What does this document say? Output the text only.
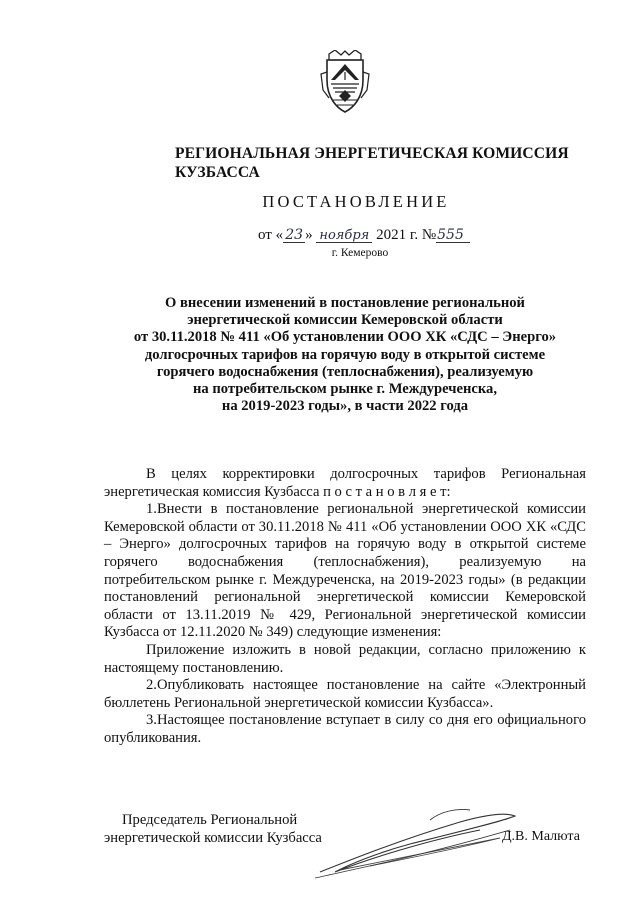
РЕГИОНАЛЬНАЯ ЭНЕРГЕТИЧЕСКАЯ КОМИССИЯ
КУЗБАССА
ПОСТАНОВЛЕНИЕ
от « 23 » ноября 2021 г. №555
г. Кемерово
О внесении изменений в постановление региональной
энергетической комиссии Кемеровской области
от 30.11.2018 № 411 «Об установлении ООО ХК «СДС – Энерго»
долгосрочных тарифов на горячую воду в открытой системе
горячего водоснабжения (теплоснабжения), реализуемую
на потребительском рынке г. Междуреченска,
на 2019-2023 годы», в части 2022 года

В целях корректировки долгосрочных тарифов Региональная энергетическая комиссия Кузбасса п о с т а н о в л я е т:

1.Внести в постановление региональной энергетической комиссии Кемеровской области от 30.11.2018 № 411 «Об установлении ООО ХК «СДС – Энерго» долгосрочных тарифов на горячую воду в открытой системе горячего водоснабжения (теплоснабжения), реализуемую на потребительском рынке г. Междуреченска, на 2019-2023 годы» (в редакции постановлений региональной энергетической комиссии Кемеровской области от 13.11.2019 № 429, Региональной энергетической комиссии Кузбасса от 12.11.2020 № 349) следующие изменения:

Приложение изложить в новой редакции, согласно приложению к настоящему постановлению.

2.Опубликовать настоящее постановление на сайте «Электронный бюллетень Региональной энергетической комиссии Кузбасса».

3.Настоящее постановление вступает в силу со дня его официального опубликования.

Председатель Региональной
энергетической комиссии Кузбасса	Д.В. Малюта
